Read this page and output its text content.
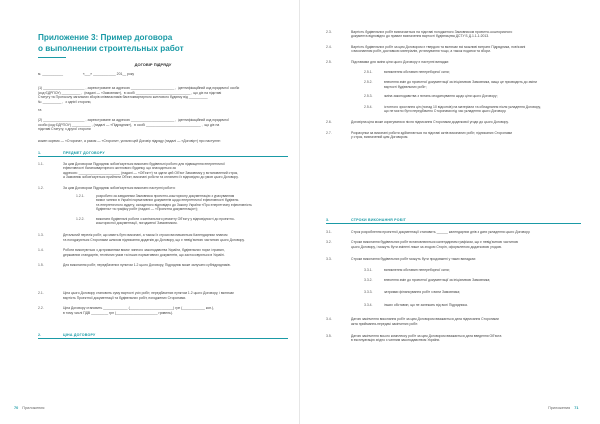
Приложение 3: Пример договора
о выполнении строительных работ
ДОГОВІР ПІДРЯДУ
м. ___________                     «___» ____________ 201__ року
(1) ______________________ , зареєстроване за адресою _______________________ ,  ідентифікаційний код юридичної особи
(код ЄДРПОУ) __________ ,  (надалі — «Замовник»),  в особі _____________________________ , що діє на підставі
Статуту та Протоколу загальних зборів співвласників багатоквартирного житлового будинку від __________
№ __________ ,  з однієї сторони,
та
(2) ______________________ , зареєстроване за адресою _______________________ ,  ідентифікаційний код юридичної
особи (код ЄДРПОУ) __________ , (надалі — «Підрядник»),  в особі _____________________________ ,  що діє на
підставі Статуту, з другої сторони
кожен окремо — «Сторона», а разом — «Сторони», уклали цей Договір підряду (надалі — «Договір») про наступне:
1.	ПРЕДМЕТ ДОГОВОРУ
1.1.	За цим Договором Підрядник зобов'язується виконати будівельні роботи для підвищення енергетичної
ефективності багатоквартирного житлового будинку, що знаходиться за
адресою: ______________________ (надалі — «Об'єкт») та здати цей Об'єкт Замовнику у встановлений строк,
а Замовник зобов'язується прийняти Об'єкт, виконані роботи та оплатити їх відповідно до умов цього Договору.
1.2.	За цим Договором Підрядник зобов'язується виконати наступні роботи:
1.2.1.	розробити за завданням Замовника проектно-кошторисну документацію з урахуванням
вимог чинних в Україні нормативних документів щодо енергетичної ефективності будівель
та енергетичного аудиту, складеного відповідно до Закону України «Про енергетичну ефективність
будівель» та графіку робіт (надалі — «Проектна документація»);
1.2.2.	виконати будівельні роботи з капітального ремонту Об'єкту у відповідності до проектно-
кошторисної документації, погодженої Замовником.
1.3.	Детальний перелік робіт, що мають бути виконані, а також їх строки визначаються Календарним планом
та погоджуються Сторонами шляхом підписання додатків до Договору, що є невід'ємною частиною цього Договору.
1.4.	Роботи виконуються з дотриманням вимог чинного законодавства України, будівельних норм і правил,
державних стандартів, технічних умов та інших нормативних документів, що застосовуються в Україні.
1.5.	Для виконання робіт, передбачених пунктом 1.2 цього Договору, Підрядник може залучати субпідрядників.
2.1.	Ціна цього Договору становить суму вартості усіх робіт, передбачених пунктом 1.2 цього Договору, і включає
вартість Проектної документації та будівельних робіт, погоджених Сторонами.
2.2.	Ціна Договору становить _____________ (_______________________) грн (____________ коп.),
в тому числі ПДВ _________ грн (______________________ гривень).
2.	ЦІНА ДОГОВОРУ
70 Приложения
2.3.	Вартість будівельних робіт визначається на підставі погодженого Замовником проектно-кошторисного
документа відповідно до правил визначення вартості будівництва ДСТУ Б Д.1.1-1:2013.
2.4.	Вартість будівельних робіт за цим Договором є твердою та включає всі можливі витрати Підрядника, пов'язані
з виконанням робіт, доставкою матеріалів, устаткування тощо, а також податки та збори.
2.5.	Підставами для зміни ціни цього Договору є наступні випадки:
2.5.1.	виникнення обставин непереборної сили;
2.5.2.	внесення змін до проектної документації за ініціативою Замовника, якщо це призводить до зміни
вартості будівельних робіт;
2.5.3.	зміна законодавства з питань оподаткування щодо ціни цього Договору;
2.5.4.	істотного зростання цін (понад 10 відсотків) на матеріали та обладнання після укладення Договору,
що не могло бути передбачено Сторонами під час укладення цього Договору.
2.6.	Договірна ціна може коригуватися після підписання Сторонами додаткової угоди до цього Договору.
2.7.	Розрахунки за виконані роботи здійснюються на підставі актів виконаних робіт, підписаних Сторонами
у строк, визначений цим Договором.
3.	СТРОКИ ВИКОНАННЯ РОБІТ
3.1.	Строк розроблення проектної документації становить ______ календарних днів з дати укладення цього Договору.
3.2.	Строки виконання будівельних робіт встановлюються календарним графіком, що є невід'ємною частиною
цього Договору, і можуть бути змінені лише за згодою Сторін, оформленою додатковою угодою.
3.3.	Строки виконання будівельних робіт можуть бути продовжені у таких випадках:
3.3.1.	виникнення обставин непереборної сили;
3.3.2.	внесення змін до проектної документації за ініціативою Замовника;
3.3.3.	затримки фінансування робіт з вини Замовника;
3.3.4.	інших обставин, що не залежать від волі Підрядника.
3.4.	Датою закінчення виконання робіт за цим Договором вважається дата підписання Сторонами
акта приймання-передачі закінчених робіт.
3.5.	Датою закінчення всього комплексу робіт за цим Договором вважається дата введення Об'єкта
в експлуатацію згідно з чинним законодавством України.
Приложения 71
